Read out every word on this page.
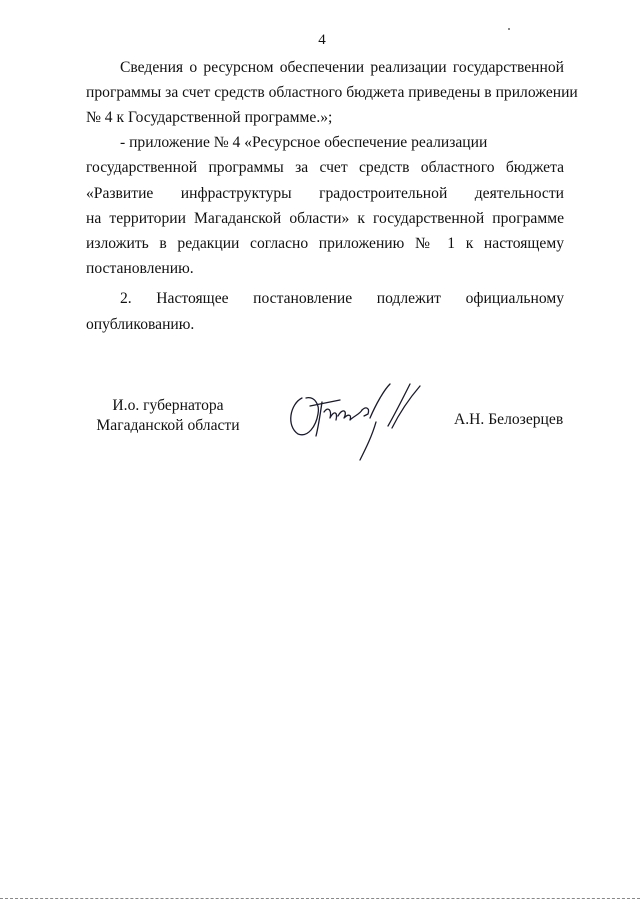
4
Сведения о ресурсном обеспечении реализации государственной
программы за счет средств областного бюджета приведены в приложении
№ 4 к Государственной программе.»;
- приложение № 4 «Ресурсное обеспечение реализации
государственной программы за счет средств областного бюджета
«Развитие инфраструктуры градостроительной деятельности
на территории Магаданской области» к государственной программе
изложить в редакции согласно приложению № 1 к настоящему
постановлению.
2. Настоящее постановление подлежит официальному
опубликованию.
И.о. губернатора
Магаданской области	А.Н. Белозерцев
